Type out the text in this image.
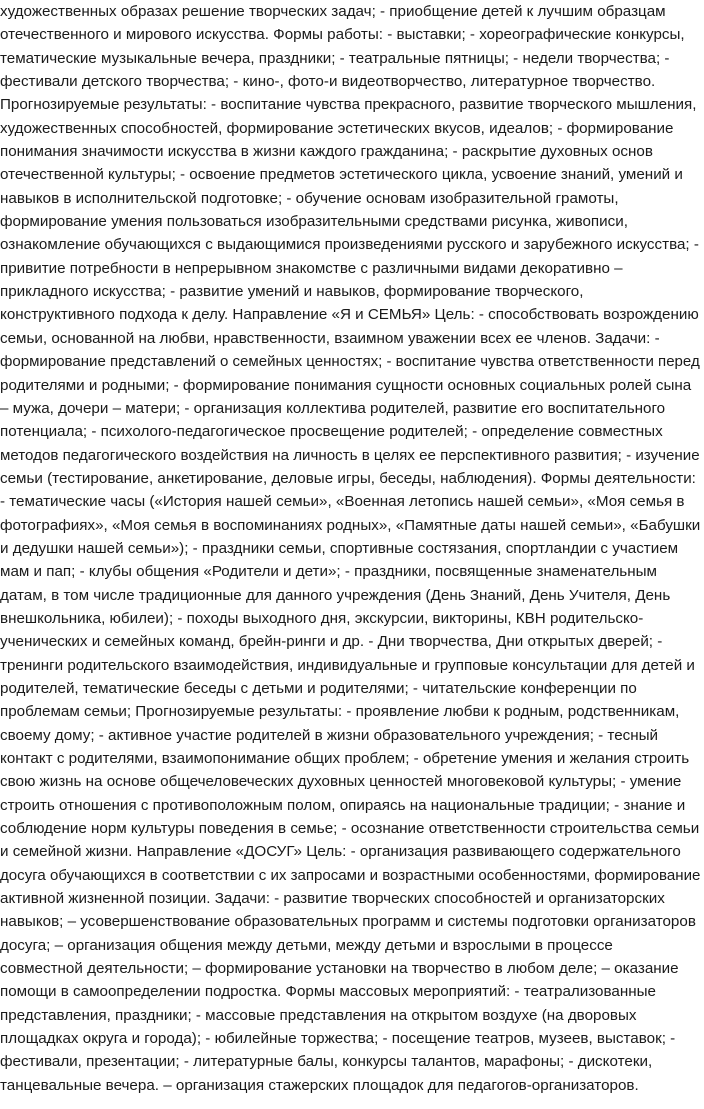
художественных образах решение творческих задач; - приобщение детей к лучшим образцам
отечественного и мирового искусства. Формы работы: - выставки; - хореографические конкурсы,
тематические музыкальные вечера, праздники; - театральные пятницы; - недели творчества; -
фестивали детского творчества; - кино-, фото-и видеотворчество, литературное творчество.
Прогнозируемые результаты: - воспитание чувства прекрасного, развитие творческого мышления,
художественных способностей, формирование эстетических вкусов, идеалов; - формирование
понимания значимости искусства в жизни каждого гражданина; - раскрытие духовных основ
отечественной культуры; - освоение предметов эстетического цикла, усвоение знаний, умений и
навыков в исполнительской подготовке; - обучение основам изобразительной грамоты,
формирование умения пользоваться изобразительными средствами рисунка, живописи,
ознакомление обучающихся с выдающимися произведениями русского и зарубежного искусства; -
привитие потребности в непрерывном знакомстве с различными видами декоративно –
прикладного искусства; - развитие умений и навыков, формирование творческого,
конструктивного подхода к делу. Направление «Я и СЕМЬЯ» Цель: - способствовать возрождению
семьи, основанной на любви, нравственности, взаимном уважении всех ее членов. Задачи: -
формирование представлений о семейных ценностях; - воспитание чувства ответственности перед
родителями и родными; - формирование понимания сущности основных социальных ролей сына
– мужа, дочери – матери; - организация коллектива родителей, развитие его воспитательного
потенциала; - психолого-педагогическое просвещение родителей; - определение совместных
методов педагогического воздействия на личность в целях ее перспективного развития; - изучение
семьи (тестирование, анкетирование, деловые игры, беседы, наблюдения). Формы деятельности:
- тематические часы («История нашей семьи», «Военная летопись нашей семьи», «Моя семья в
фотографиях», «Моя семья в воспоминаниях родных», «Памятные даты нашей семьи», «Бабушки
и дедушки нашей семьи»); - праздники семьи, спортивные состязания, спортландии с участием
мам и пап; - клубы общения «Родители и дети»; - праздники, посвященные знаменательным
датам, в том числе традиционные для данного учреждения (День Знаний, День Учителя, День
внешкольника, юбилеи); - походы выходного дня, экскурсии, викторины, КВН родительско-
ученических и семейных команд, брейн-ринги и др. - Дни творчества, Дни открытых дверей; -
тренинги родительского взаимодействия, индивидуальные и групповые консультации для детей и
родителей, тематические беседы с детьми и родителями; - читательские конференции по
проблемам семьи; Прогнозируемые результаты: - проявление любви к родным, родственникам,
своему дому; - активное участие родителей в жизни образовательного учреждения; - тесный
контакт с родителями, взаимопонимание общих проблем; - обретение умения и желания строить
свою жизнь на основе общечеловеческих духовных ценностей многовековой культуры; - умение
строить отношения с противоположным полом, опираясь на национальные традиции; - знание и
соблюдение норм культуры поведения в семье; - осознание ответственности строительства семьи
и семейной жизни. Направление «ДОСУГ» Цель: - организация развивающего содержательного
досуга обучающихся в соответствии с их запросами и возрастными особенностями, формирование
активной жизненной позиции. Задачи: - развитие творческих способностей и организаторских
навыков; – усовершенствование образовательных программ и системы подготовки организаторов
досуга; – организация общения между детьми, между детьми и взрослыми в процессе
совместной деятельности; – формирование установки на творчество в любом деле; – оказание
помощи в самоопределении подростка. Формы массовых мероприятий: - театрализованные
представления, праздники; - массовые представления на открытом воздухе (на дворовых
площадках округа и города); - юбилейные торжества; - посещение театров, музеев, выставок; -
фестивали, презентации; - литературные балы, конкурсы талантов, марафоны; - дискотеки,
танцевальные вечера. – организация стажерских площадок для педагогов-организаторов.
